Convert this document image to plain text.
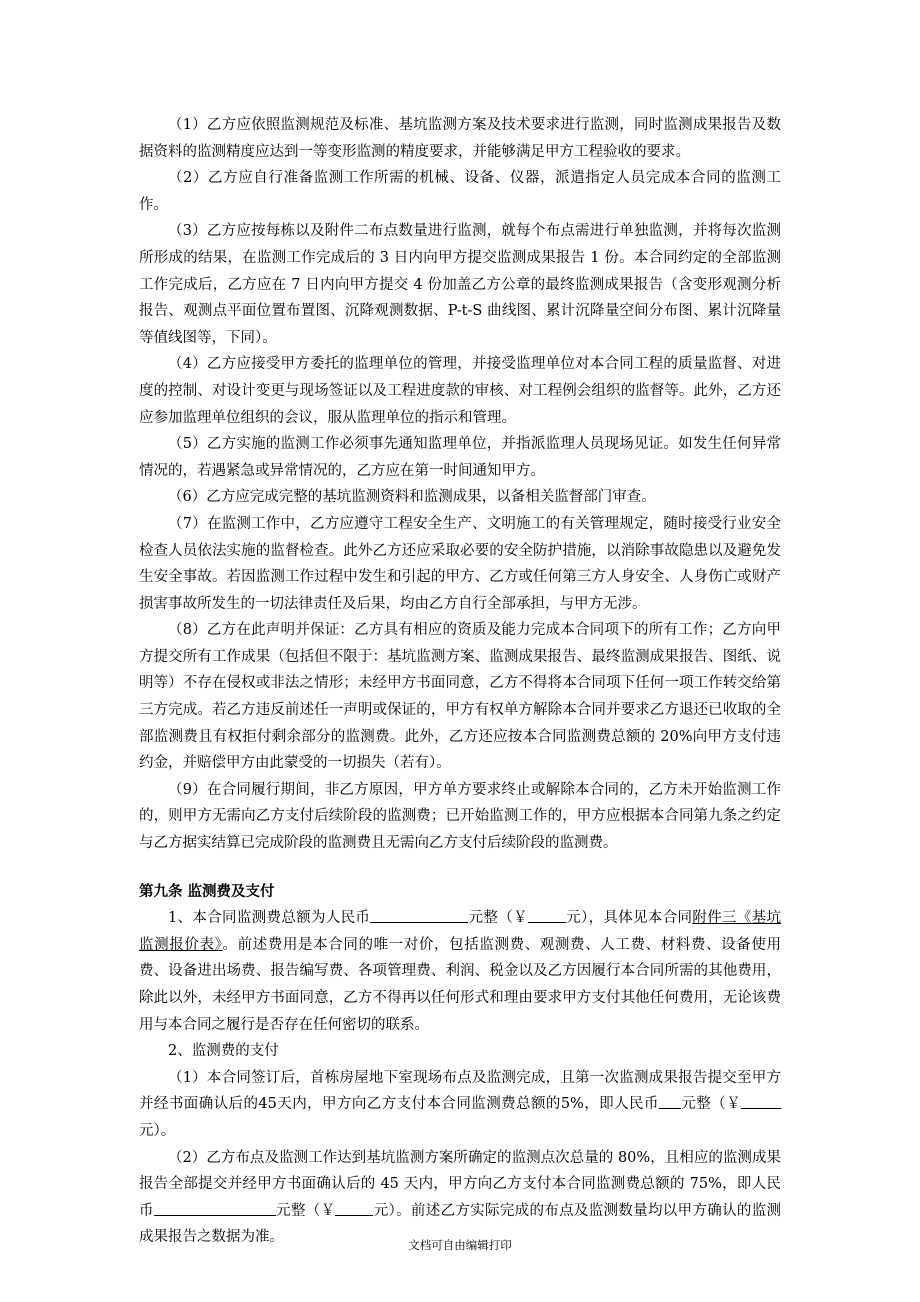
（1）乙方应依照监测规范及标准、基坑监测方案及技术要求进行监测，同时监测成果报告及数据资料的监测精度应达到一等变形监测的精度要求，并能够满足甲方工程验收的要求。

（2）乙方应自行准备监测工作所需的机械、设备、仪器，派遣指定人员完成本合同的监测工作。

（3）乙方应按每栋以及附件二布点数量进行监测，就每个布点需进行单独监测，并将每次监测所形成的结果，在监测工作完成后的 3 日内向甲方提交监测成果报告 1 份。本合同约定的全部监测工作完成后，乙方应在 7 日内向甲方提交 4 份加盖乙方公章的最终监测成果报告（含变形观测分析报告、观测点平面位置布置图、沉降观测数据、P-t-S 曲线图、累计沉降量空间分布图、累计沉降量等值线图等，下同）。

（4）乙方应接受甲方委托的监理单位的管理，并接受监理单位对本合同工程的质量监督、对进度的控制、对设计变更与现场签证以及工程进度款的审核、对工程例会组织的监督等。此外，乙方还应参加监理单位组织的会议，服从监理单位的指示和管理。

（5）乙方实施的监测工作必须事先通知监理单位，并指派监理人员现场见证。如发生任何异常情况的，若遇紧急或异常情况的，乙方应在第一时间通知甲方。

（6）乙方应完成完整的基坑监测资料和监测成果，以备相关监督部门审查。

（7）在监测工作中，乙方应遵守工程安全生产、文明施工的有关管理规定，随时接受行业安全检查人员依法实施的监督检查。此外乙方还应采取必要的安全防护措施，以消除事故隐患以及避免发生安全事故。若因监测工作过程中发生和引起的甲方、乙方或任何第三方人身安全、人身伤亡或财产损害事故所发生的一切法律责任及后果，均由乙方自行全部承担，与甲方无涉。

（8）乙方在此声明并保证：乙方具有相应的资质及能力完成本合同项下的所有工作；乙方向甲方提交所有工作成果（包括但不限于：基坑监测方案、监测成果报告、最终监测成果报告、图纸、说明等）不存在侵权或非法之情形；未经甲方书面同意，乙方不得将本合同项下任何一项工作转交给第三方完成。若乙方违反前述任一声明或保证的，甲方有权单方解除本合同并要求乙方退还已收取的全部监测费且有权拒付剩余部分的监测费。此外，乙方还应按本合同监测费总额的 20%向甲方支付违约金，并赔偿甲方由此蒙受的一切损失（若有）。

（9）在合同履行期间，非乙方原因，甲方单方要求终止或解除本合同的，乙方未开始监测工作的，则甲方无需向乙方支付后续阶段的监测费；已开始监测工作的，甲方应根据本合同第九条之约定与乙方据实结算已完成阶段的监测费且无需向乙方支付后续阶段的监测费。

第九条 监测费及支付

1、本合同监测费总额为人民币	元整（￥	元），具体见本合同附件三《基坑监测报价表》。前述费用是本合同的唯一对价，包括监测费、观测费、人工费、材料费、设备使用费、设备进出场费、报告编写费、各项管理费、利润、税金以及乙方因履行本合同所需的其他费用，除此以外，未经甲方书面同意，乙方不得再以任何形式和理由要求甲方支付其他任何费用，无论该费用与本合同之履行是否存在任何密切的联系。

2、监测费的支付

（1）本合同签订后，首栋房屋地下室现场布点及监测完成，且第一次监测成果报告提交至甲方并经书面确认后的45天内，甲方向乙方支付本合同监测费总额的5%，即人民币 元整（￥元）。

（2）乙方布点及监测工作达到基坑监测方案所确定的监测点次总量的 80%，且相应的监测成果报告全部提交并经甲方书面确认后的 45 天内，甲方向乙方支付本合同监测费总额的 75%，即人民币	元整（￥	元）。前述乙方实际完成的布点及监测数量均以甲方确认的监测成果报告之数据为准。	文档可自由编辑打印
